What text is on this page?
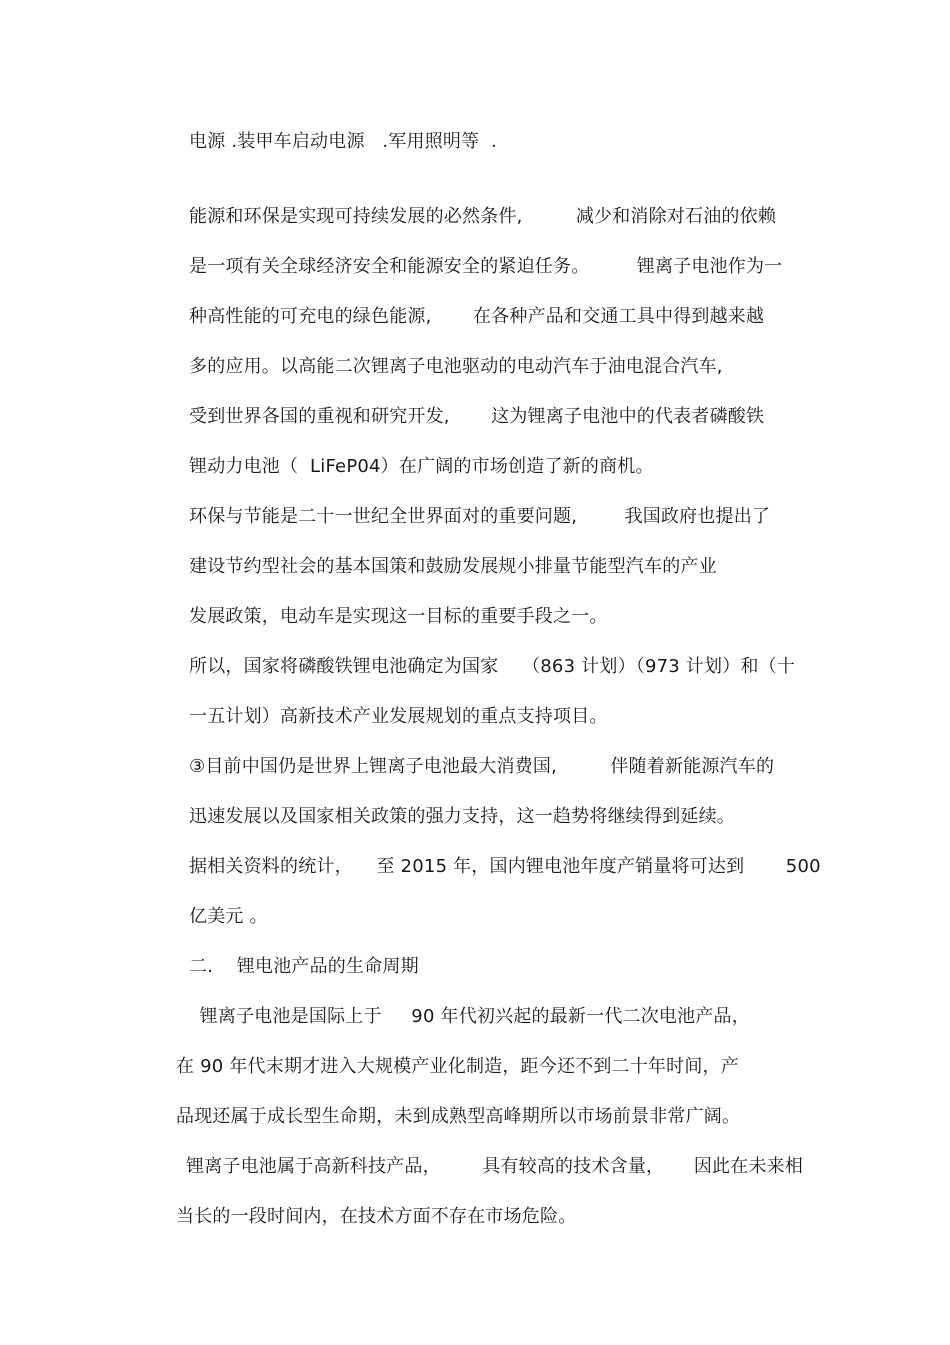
电源 .装甲车启动电源   .军用照明等  .
能源和环保是实现可持续发展的必然条件,         减少和消除对石油的依赖
是一项有关全球经济安全和能源安全的紧迫任务。        锂离子电池作为一
种高性能的可充电的绿色能源,       在各种产品和交通工具中得到越来越
多的应用。以高能二次锂离子电池驱动的电动汽车于油电混合汽车,
受到世界各国的重视和研究开发,       这为锂离子电池中的代表者磷酸铁
锂动力电池（  LiFeP04）在广阔的市场创造了新的商机。
环保与节能是二十一世纪全世界面对的重要问题,        我国政府也提出了
建设节约型社会的基本国策和鼓励发展规小排量节能型汽车的产业
发展政策，电动车是实现这一目标的重要手段之一。
所以，国家将磷酸铁锂电池确定为国家    （863 计划）（973 计划）和（十
一五计划）高新技术产业发展规划的重点支持项目。
③目前中国仍是世界上锂离子电池最大消费国,         伴随着新能源汽车的
迅速发展以及国家相关政策的强力支持，这一趋势将继续得到延续。
据相关资料的统计，    至 2015 年，国内锂电池年度产销量将可达到       500
亿美元 。
二.    锂电池产品的生命周期
锂离子电池是国际上于     90 年代初兴起的最新一代二次电池产品，
在 90 年代末期才进入大规模产业化制造，距今还不到二十年时间，产
品现还属于成长型生命期，未到成熟型高峰期所以市场前景非常广阔。
锂离子电池属于高新科技产品，       具有较高的技术含量，     因此在未来相
当长的一段时间内，在技术方面不存在市场危险。
